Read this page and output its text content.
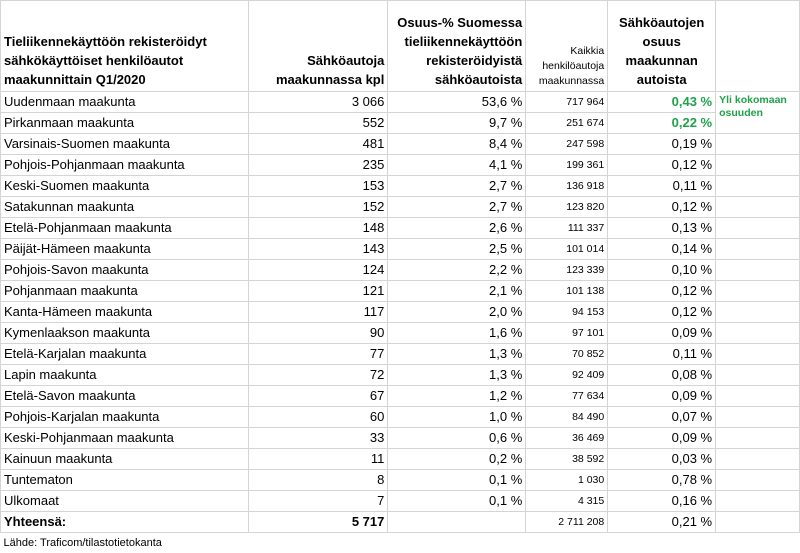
Tieliikennekäyttöön rekisteröidyt sähkökäyttöiset henkilöautot maakunnittain Q1/2020	Sähköautoja maakunnassa kpl	Osuus-% Suomessa tieliikennekäyttöön rekisteröidyistä sähköautoista	Kaikkia henkilöautoja maakunnassa	Sähköautojen osuus maakunnan autoista	
Uudenmaan maakunta	3 066	53,6 %	717 964	0,43 %	Yli kokomaan osuuden
Pirkanmaan maakunta	552	9,7 %	251 674	0,22 %	
Varsinais-Suomen maakunta	481	8,4 %	247 598	0,19 %	
Pohjois-Pohjanmaan maakunta	235	4,1 %	199 361	0,12 %	
Keski-Suomen maakunta	153	2,7 %	136 918	0,11 %	
Satakunnan maakunta	152	2,7 %	123 820	0,12 %	
Etelä-Pohjanmaan maakunta	148	2,6 %	111 337	0,13 %	
Päijät-Hämeen maakunta	143	2,5 %	101 014	0,14 %	
Pohjois-Savon maakunta	124	2,2 %	123 339	0,10 %	
Pohjanmaan maakunta	121	2,1 %	101 138	0,12 %	
Kanta-Hämeen maakunta	117	2,0 %	94 153	0,12 %	
Kymenlaakson maakunta	90	1,6 %	97 101	0,09 %	
Etelä-Karjalan maakunta	77	1,3 %	70 852	0,11 %	
Lapin maakunta	72	1,3 %	92 409	0,08 %	
Etelä-Savon maakunta	67	1,2 %	77 634	0,09 %	
Pohjois-Karjalan maakunta	60	1,0 %	84 490	0,07 %	
Keski-Pohjanmaan maakunta	33	0,6 %	36 469	0,09 %	
Kainuun maakunta	11	0,2 %	38 592	0,03 %	
Tuntematon	8	0,1 %	1 030	0,78 %	
Ulkomaat	7	0,1 %	4 315	0,16 %	
Yhteensä:	5 717		2 711 208	0,21 %	
Lähde: Traficom/tilastotietokanta					
